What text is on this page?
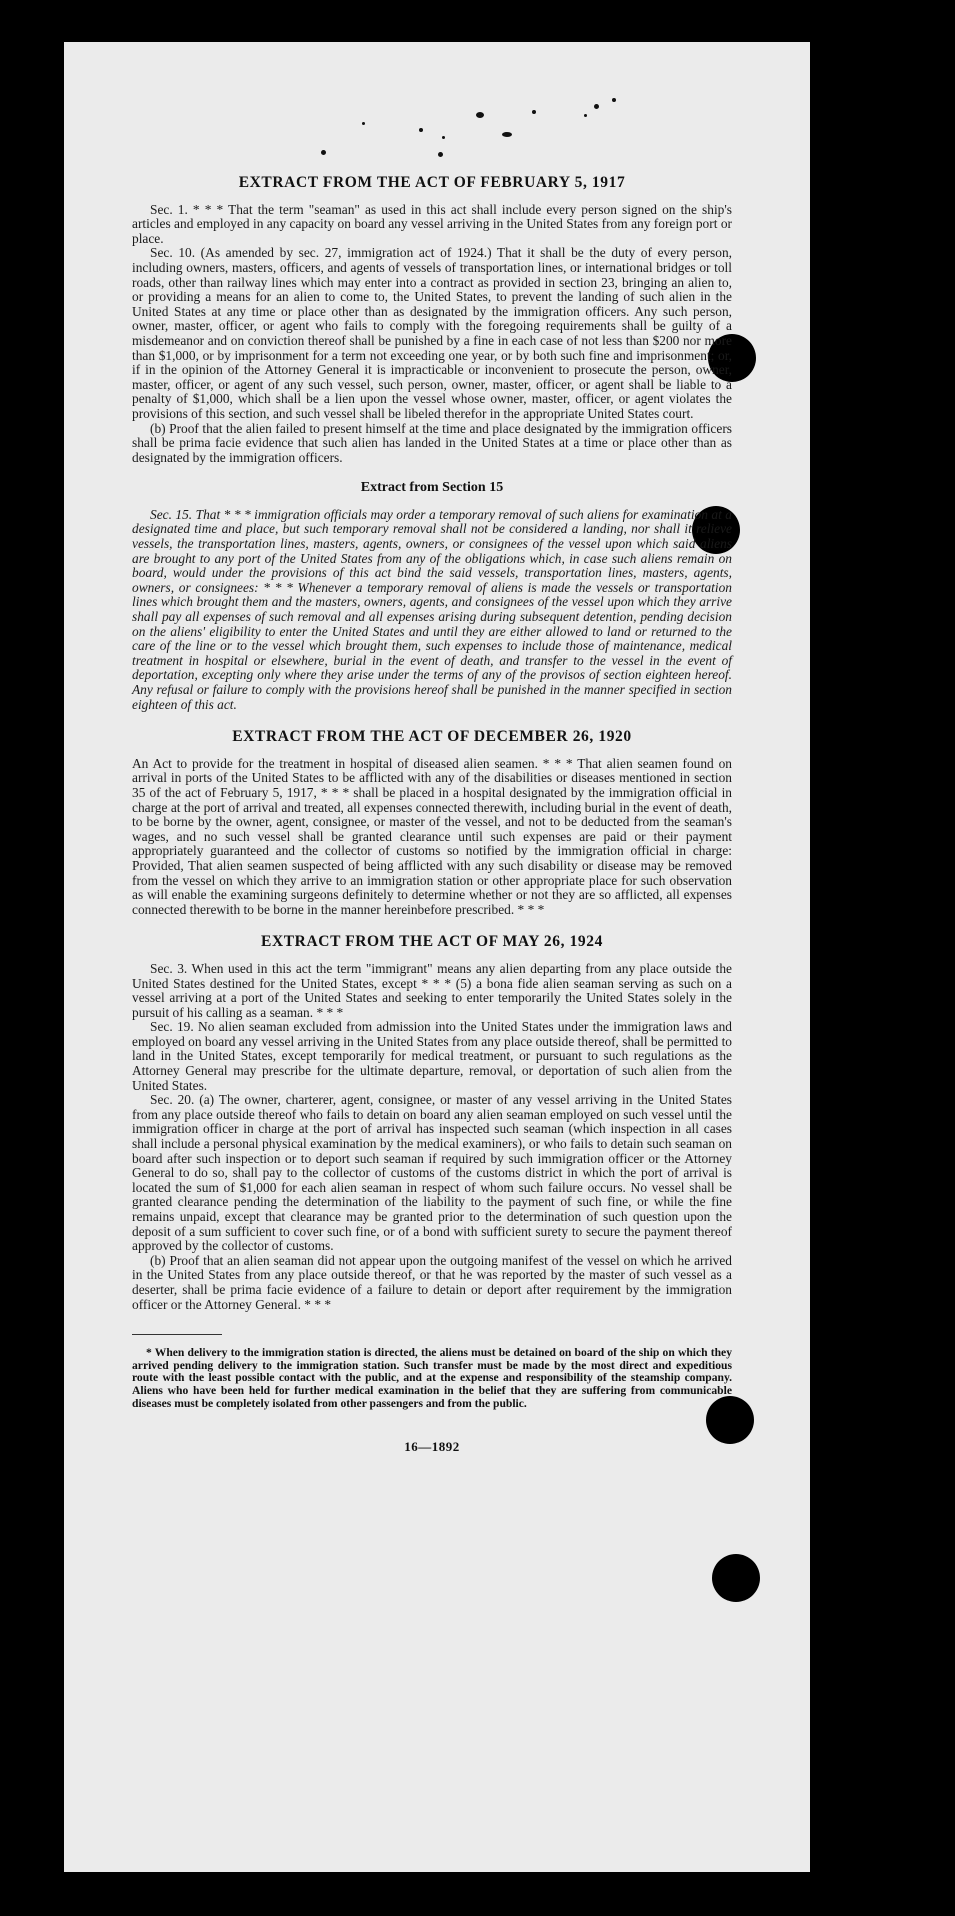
EXTRACT FROM THE ACT OF FEBRUARY 5, 1917

Sec. 1. * * * That the term "seaman" as used in this act shall include every person signed on the ship's articles and employed in any capacity on board any vessel arriving in the United States from any foreign port or place.

Sec. 10. (As amended by sec. 27, immigration act of 1924.) That it shall be the duty of every person, including owners, masters, officers, and agents of vessels of transportation lines, or international bridges or toll roads, other than railway lines which may enter into a contract as provided in section 23, bringing an alien to, or providing a means for an alien to come to, the United States, to prevent the landing of such alien in the United States at any time or place other than as designated by the immigration officers. Any such person, owner, master, officer, or agent who fails to comply with the foregoing requirements shall be guilty of a misdemeanor and on conviction thereof shall be punished by a fine in each case of not less than $200 nor more than $1,000, or by imprisonment for a term not exceeding one year, or by both such fine and imprisonment; or, if in the opinion of the Attorney General it is impracticable or inconvenient to prosecute the person, owner, master, officer, or agent of any such vessel, such person, owner, master, officer, or agent shall be liable to a penalty of $1,000, which shall be a lien upon the vessel whose owner, master, officer, or agent violates the provisions of this section, and such vessel shall be libeled therefor in the appropriate United States court.

(b) Proof that the alien failed to present himself at the time and place designated by the immigration officers shall be prima facie evidence that such alien has landed in the United States at a time or place other than as designated by the immigration officers.

Extract from Section 15

Sec. 15. That * * * immigration officials may order a temporary removal of such aliens for examination at a designated time and place, but such temporary removal shall not be considered a landing, nor shall it relieve vessels, the transportation lines, masters, agents, owners, or consignees of the vessel upon which said aliens are brought to any port of the United States from any of the obligations which, in case such aliens remain on board, would under the provisions of this act bind the said vessels, transportation lines, masters, agents, owners, or consignees: * * * Whenever a temporary removal of aliens is made the vessels or transportation lines which brought them and the masters, owners, agents, and consignees of the vessel upon which they arrive shall pay all expenses of such removal and all expenses arising during subsequent detention, pending decision on the aliens' eligibility to enter the United States and until they are either allowed to land or returned to the care of the line or to the vessel which brought them, such expenses to include those of maintenance, medical treatment in hospital or elsewhere, burial in the event of death, and transfer to the vessel in the event of deportation, excepting only where they arise under the terms of any of the provisos of section eighteen hereof. Any refusal or failure to comply with the provisions hereof shall be punished in the manner specified in section eighteen of this act.

EXTRACT FROM THE ACT OF DECEMBER 26, 1920

An Act to provide for the treatment in hospital of diseased alien seamen. * * * That alien seamen found on arrival in ports of the United States to be afflicted with any of the disabilities or diseases mentioned in section 35 of the act of February 5, 1917, * * * shall be placed in a hospital designated by the immigration official in charge at the port of arrival and treated, all expenses connected therewith, including burial in the event of death, to be borne by the owner, agent, consignee, or master of the vessel, and not to be deducted from the seaman's wages, and no such vessel shall be granted clearance until such expenses are paid or their payment appropriately guaranteed and the collector of customs so notified by the immigration official in charge: Provided, That alien seamen suspected of being afflicted with any such disability or disease may be removed from the vessel on which they arrive to an immigration station or other appropriate place for such observation as will enable the examining surgeons definitely to determine whether or not they are so afflicted, all expenses connected therewith to be borne in the manner hereinbefore prescribed. * * *

EXTRACT FROM THE ACT OF MAY 26, 1924

Sec. 3. When used in this act the term "immigrant" means any alien departing from any place outside the United States destined for the United States, except * * * (5) a bona fide alien seaman serving as such on a vessel arriving at a port of the United States and seeking to enter temporarily the United States solely in the pursuit of his calling as a seaman. * * *

Sec. 19. No alien seaman excluded from admission into the United States under the immigration laws and employed on board any vessel arriving in the United States from any place outside thereof, shall be permitted to land in the United States, except temporarily for medical treatment, or pursuant to such regulations as the Attorney General may prescribe for the ultimate departure, removal, or deportation of such alien from the United States.

Sec. 20. (a) The owner, charterer, agent, consignee, or master of any vessel arriving in the United States from any place outside thereof who fails to detain on board any alien seaman employed on such vessel until the immigration officer in charge at the port of arrival has inspected such seaman (which inspection in all cases shall include a personal physical examination by the medical examiners), or who fails to detain such seaman on board after such inspection or to deport such seaman if required by such immigration officer or the Attorney General to do so, shall pay to the collector of customs of the customs district in which the port of arrival is located the sum of $1,000 for each alien seaman in respect of whom such failure occurs. No vessel shall be granted clearance pending the determination of the liability to the payment of such fine, or while the fine remains unpaid, except that clearance may be granted prior to the determination of such question upon the deposit of a sum sufficient to cover such fine, or of a bond with sufficient surety to secure the payment thereof approved by the collector of customs.

(b) Proof that an alien seaman did not appear upon the outgoing manifest of the vessel on which he arrived in the United States from any place outside thereof, or that he was reported by the master of such vessel as a deserter, shall be prima facie evidence of a failure to detain or deport after requirement by the immigration officer or the Attorney General. * * *

* When delivery to the immigration station is directed, the aliens must be detained on board of the ship on which they arrived pending delivery to the immigration station. Such transfer must be made by the most direct and expeditious route with the least possible contact with the public, and at the expense and responsibility of the steamship company. Aliens who have been held for further medical examination in the belief that they are suffering from communicable diseases must be completely isolated from other passengers and from the public.

16—1892
